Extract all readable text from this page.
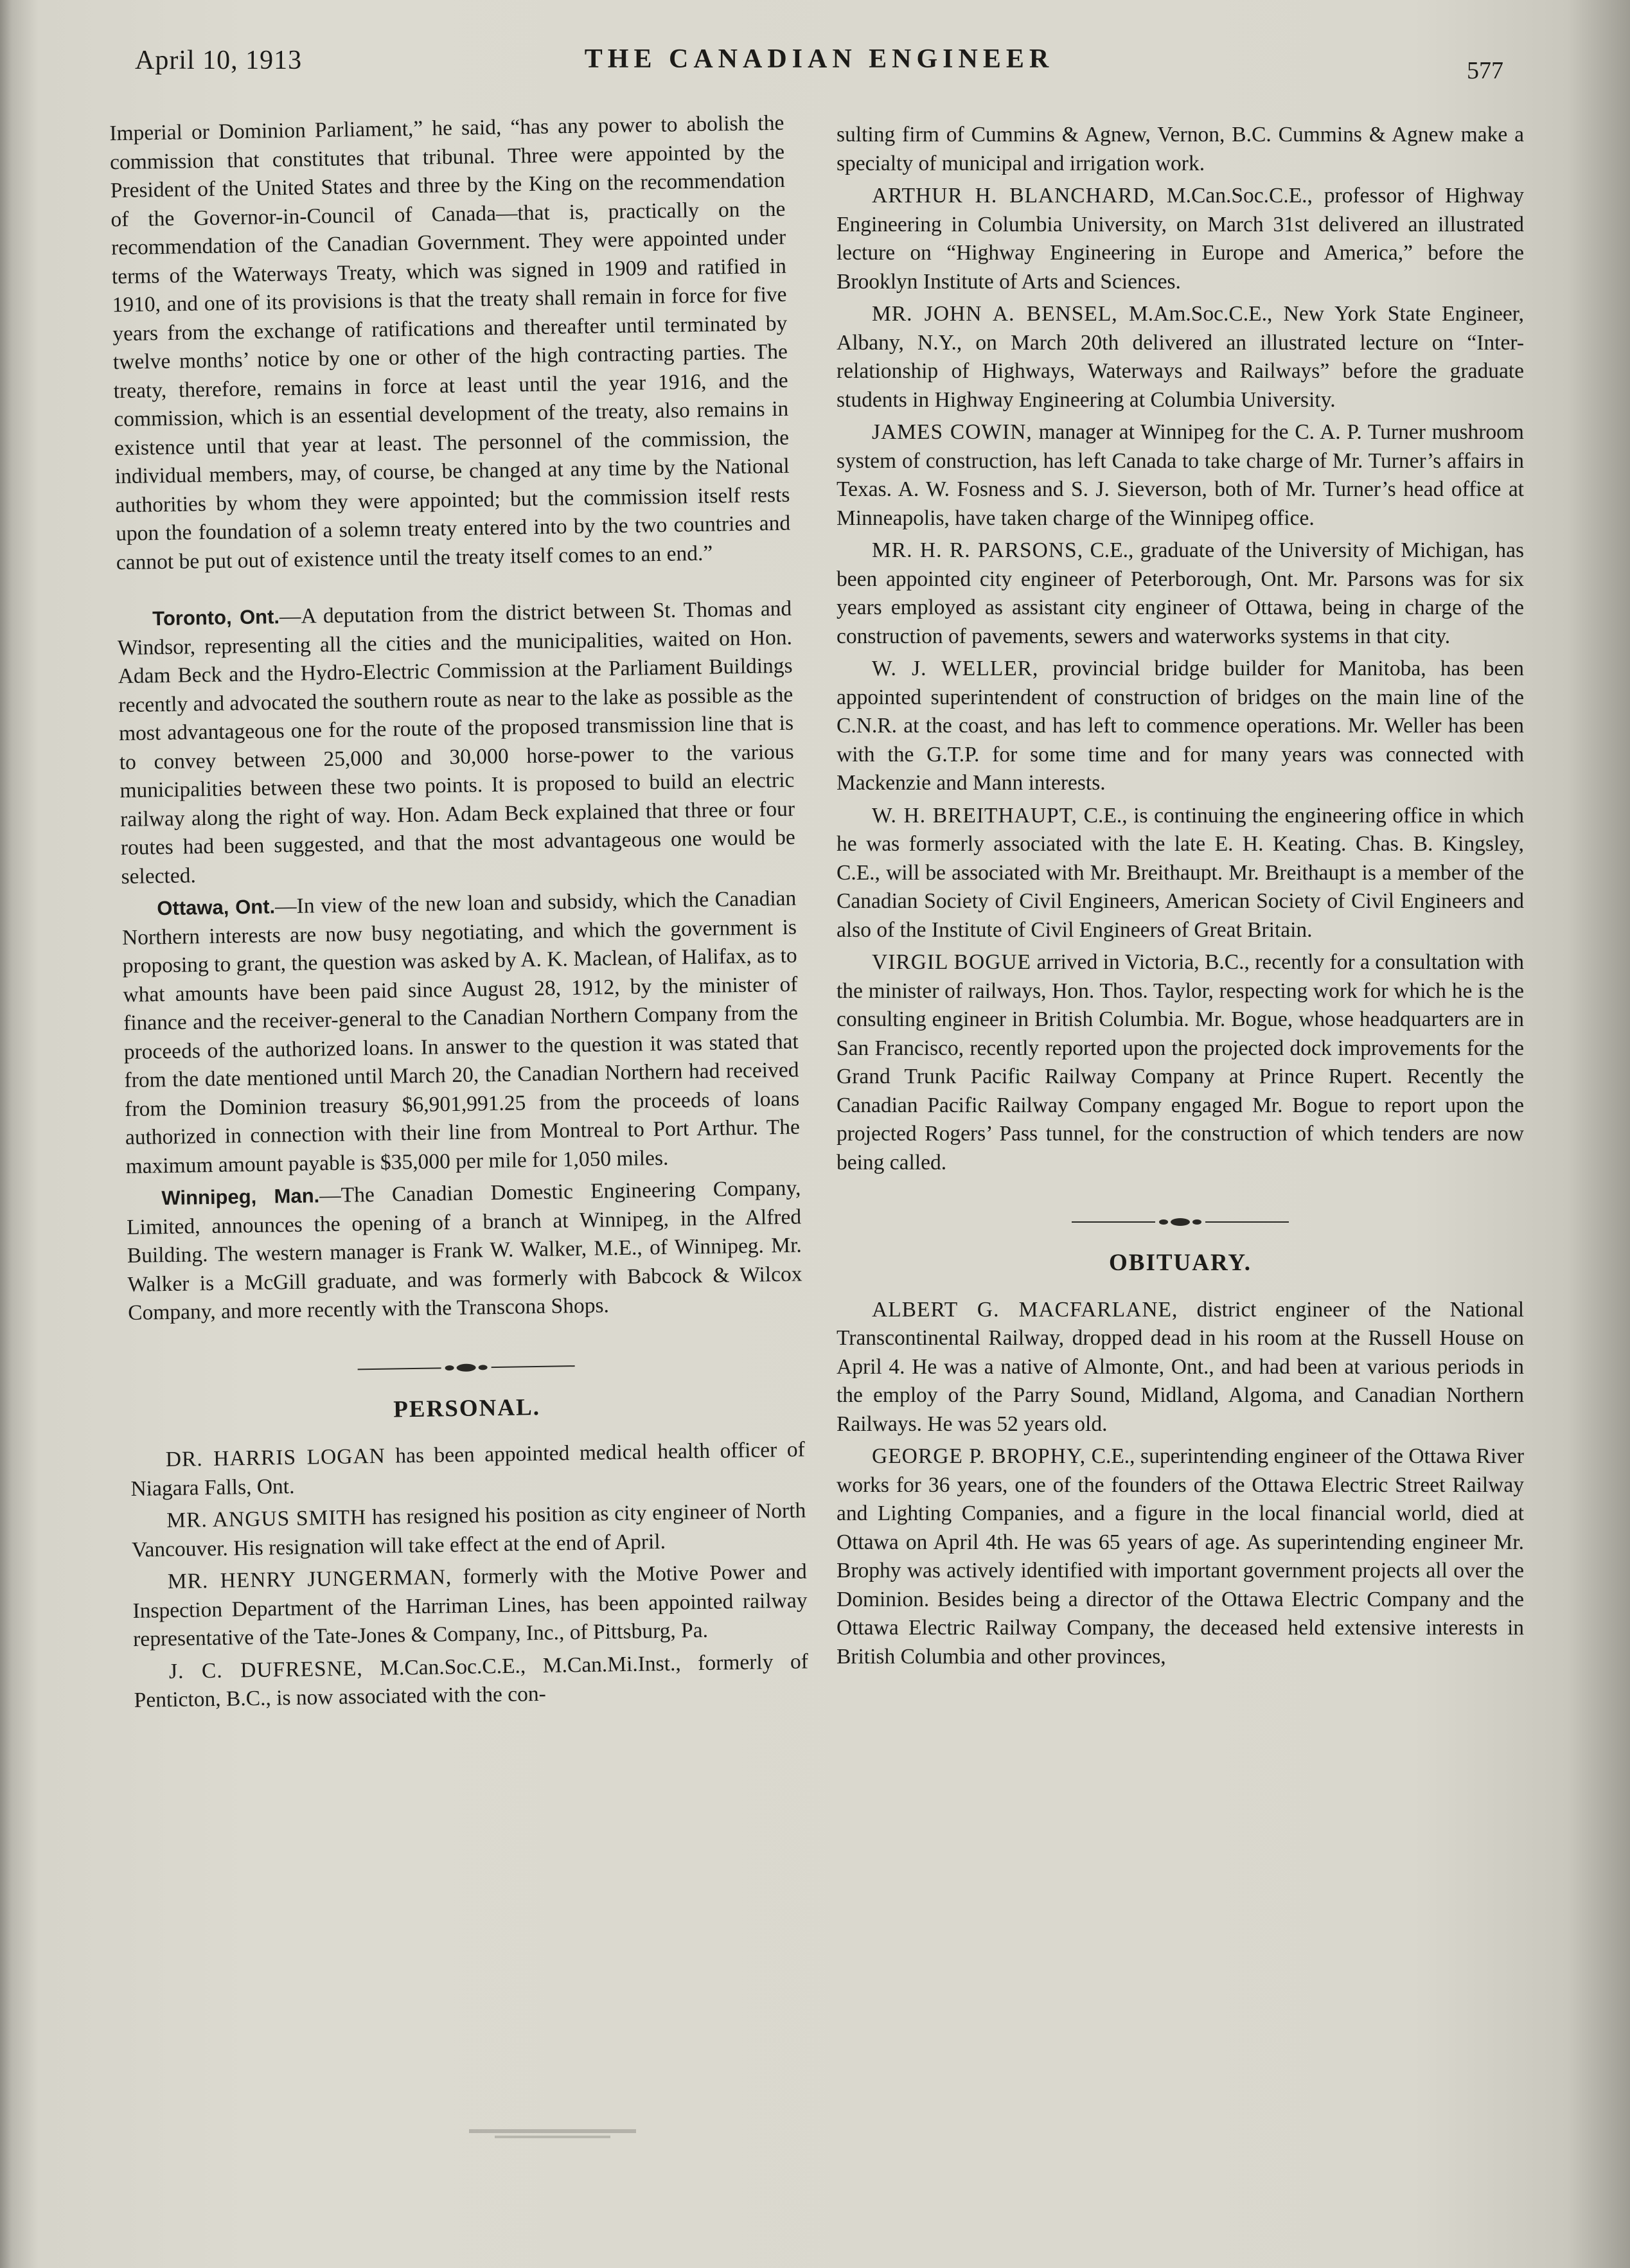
April 10, 1913	THE CANADIAN ENGINEER	577

Imperial or Dominion Parliament,” he said, “has any power to abolish the commission that constitutes that tribunal. Three were appointed by the President of the United States and three by the King on the recommendation of the Governor-in-Council of Canada—that is, practically on the recommendation of the Canadian Government. They were appointed under terms of the Waterways Treaty, which was signed in 1909 and ratified in 1910, and one of its provisions is that the treaty shall remain in force for five years from the exchange of ratifications and thereafter until terminated by twelve months’ notice by one or other of the high contracting parties. The treaty, therefore, remains in force at least until the year 1916, and the commission, which is an essential development of the treaty, also remains in existence until that year at least. The personnel of the commission, the individual members, may, of course, be changed at any time by the National authorities by whom they were appointed; but the commission itself rests upon the foundation of a solemn treaty entered into by the two countries and cannot be put out of existence until the treaty itself comes to an end.”

Toronto, Ont.—A deputation from the district between St. Thomas and Windsor, representing all the cities and the municipalities, waited on Hon. Adam Beck and the Hydro-Electric Commission at the Parliament Buildings recently and advocated the southern route as near to the lake as possible as the most advantageous one for the route of the proposed transmission line that is to convey between 25,000 and 30,000 horse-power to the various municipalities between these two points. It is proposed to build an electric railway along the right of way. Hon. Adam Beck explained that three or four routes had been suggested, and that the most advantageous one would be selected.

Ottawa, Ont.—In view of the new loan and subsidy, which the Canadian Northern interests are now busy negotiating, and which the government is proposing to grant, the question was asked by A. K. Maclean, of Halifax, as to what amounts have been paid since August 28, 1912, by the minister of finance and the receiver-general to the Canadian Northern Company from the proceeds of the authorized loans. In answer to the question it was stated that from the date mentioned until March 20, the Canadian Northern had received from the Dominion treasury $6,901,991.25 from the proceeds of loans authorized in connection with their line from Montreal to Port Arthur. The maximum amount payable is $35,000 per mile for 1,050 miles.

Winnipeg, Man.—The Canadian Domestic Engineering Company, Limited, announces the opening of a branch at Winnipeg, in the Alfred Building. The western manager is Frank W. Walker, M.E., of Winnipeg. Mr. Walker is a McGill graduate, and was formerly with Babcock & Wilcox Company, and more recently with the Transcona Shops.

PERSONAL.

DR. HARRIS LOGAN has been appointed medical health officer of Niagara Falls, Ont.

MR. ANGUS SMITH has resigned his position as city engineer of North Vancouver. His resignation will take effect at the end of April.

MR. HENRY JUNGERMAN, formerly with the Motive Power and Inspection Department of the Harriman Lines, has been appointed railway representative of the Tate-Jones & Company, Inc., of Pittsburg, Pa.

J. C. DUFRESNE, M.Can.Soc.C.E., M.Can.Mi.Inst., formerly of Penticton, B.C., is now associated with the con-

sulting firm of Cummins & Agnew, Vernon, B.C. Cummins & Agnew make a specialty of municipal and irrigation work.

ARTHUR H. BLANCHARD, M.Can.Soc.C.E., professor of Highway Engineering in Columbia University, on March 31st delivered an illustrated lecture on “Highway Engineering in Europe and America,” before the Brooklyn Institute of Arts and Sciences.

MR. JOHN A. BENSEL, M.Am.Soc.C.E., New York State Engineer, Albany, N.Y., on March 20th delivered an illustrated lecture on “Inter-relationship of Highways, Waterways and Railways” before the graduate students in Highway Engineering at Columbia University.

JAMES COWIN, manager at Winnipeg for the C. A. P. Turner mushroom system of construction, has left Canada to take charge of Mr. Turner’s affairs in Texas. A. W. Fosness and S. J. Sieverson, both of Mr. Turner’s head office at Minneapolis, have taken charge of the Winnipeg office.

MR. H. R. PARSONS, C.E., graduate of the University of Michigan, has been appointed city engineer of Peterborough, Ont. Mr. Parsons was for six years employed as assistant city engineer of Ottawa, being in charge of the construction of pavements, sewers and waterworks systems in that city.

W. J. WELLER, provincial bridge builder for Manitoba, has been appointed superintendent of construction of bridges on the main line of the C.N.R. at the coast, and has left to commence operations. Mr. Weller has been with the G.T.P. for some time and for many years was connected with Mackenzie and Mann interests.

W. H. BREITHAUPT, C.E., is continuing the engineering office in which he was formerly associated with the late E. H. Keating. Chas. B. Kingsley, C.E., will be associated with Mr. Breithaupt. Mr. Breithaupt is a member of the Canadian Society of Civil Engineers, American Society of Civil Engineers and also of the Institute of Civil Engineers of Great Britain.

VIRGIL BOGUE arrived in Victoria, B.C., recently for a consultation with the minister of railways, Hon. Thos. Taylor, respecting work for which he is the consulting engineer in British Columbia. Mr. Bogue, whose headquarters are in San Francisco, recently reported upon the projected dock improvements for the Grand Trunk Pacific Railway Company at Prince Rupert. Recently the Canadian Pacific Railway Company engaged Mr. Bogue to report upon the projected Rogers’ Pass tunnel, for the construction of which tenders are now being called.

OBITUARY.

ALBERT G. MACFARLANE, district engineer of the National Transcontinental Railway, dropped dead in his room at the Russell House on April 4. He was a native of Almonte, Ont., and had been at various periods in the employ of the Parry Sound, Midland, Algoma, and Canadian Northern Railways. He was 52 years old.

GEORGE P. BROPHY, C.E., superintending engineer of the Ottawa River works for 36 years, one of the founders of the Ottawa Electric Street Railway and Lighting Companies, and a figure in the local financial world, died at Ottawa on April 4th. He was 65 years of age. As superintending engineer Mr. Brophy was actively identified with important government projects all over the Dominion. Besides being a director of the Ottawa Electric Company and the Ottawa Electric Railway Company, the deceased held extensive interests in British Columbia and other provinces,
